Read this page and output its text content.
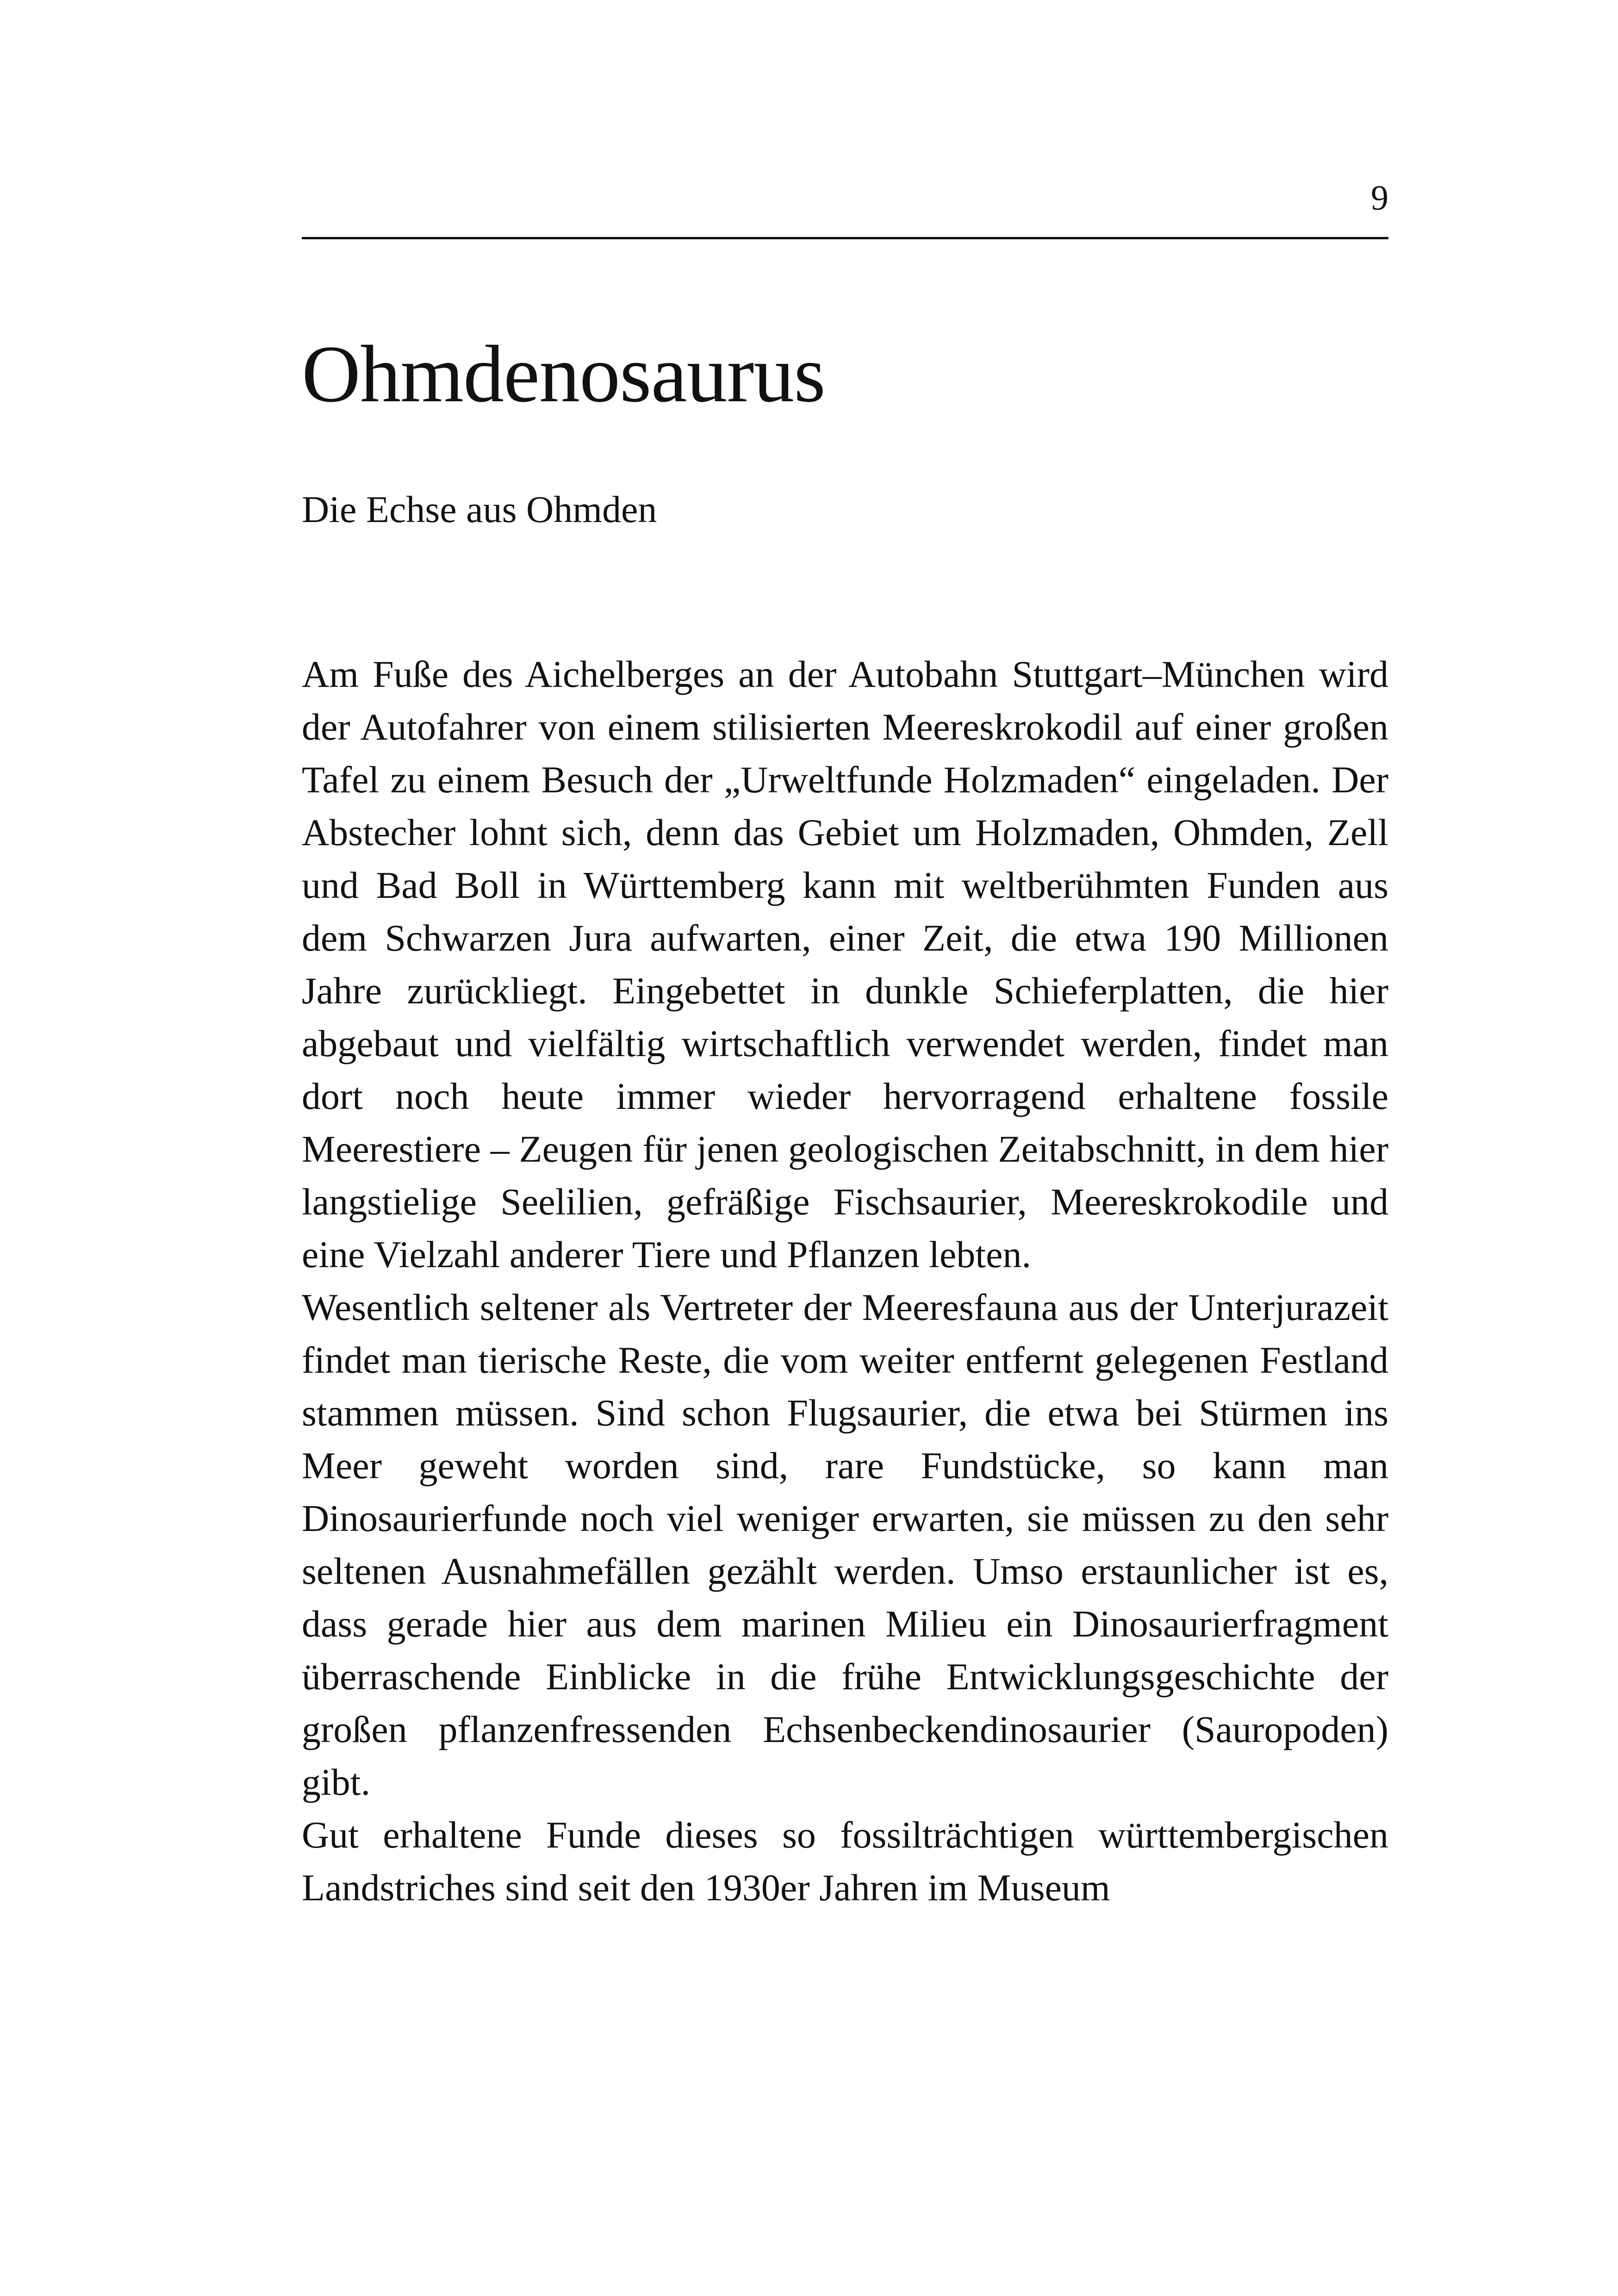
9
Ohmdenosaurus

Die Echse aus Ohmden

Am Fuße des Aichelberges an der Autobahn Stuttgart–München wird der Autofahrer von einem stilisierten Meereskrokodil auf einer großen Tafel zu einem Besuch der „Urweltfunde Holzmaden“ eingeladen. Der Abstecher lohnt sich, denn das Gebiet um Holzmaden, Ohmden, Zell und Bad Boll in Württemberg kann mit weltberühmten Funden aus dem Schwarzen Jura aufwarten, einer Zeit, die etwa 190 Millionen Jahre zurückliegt. Eingebettet in dunkle Schieferplatten, die hier abgebaut und vielfältig wirtschaftlich verwendet werden, findet man dort noch heute immer wieder hervorragend erhaltene fossile Meerestiere – Zeugen für jenen geologischen Zeitabschnitt, in dem hier langstielige Seelilien, gefräßige Fischsaurier, Meereskrokodile und eine Vielzahl anderer Tiere und Pflanzen lebten.

Wesentlich seltener als Vertreter der Meeresfauna aus der Unterjurazeit findet man tierische Reste, die vom weiter entfernt gelegenen Festland stammen müssen. Sind schon Flugsaurier, die etwa bei Stürmen ins Meer geweht worden sind, rare Fundstücke, so kann man Dinosaurierfunde noch viel weniger erwarten, sie müssen zu den sehr seltenen Ausnahmefällen gezählt werden. Umso erstaunlicher ist es, dass gerade hier aus dem marinen Milieu ein Dinosaurierfragment überraschende Einblicke in die frühe Entwicklungsgeschichte der großen pflanzenfressenden Echsenbeckendinosaurier (Sauropoden) gibt.

Gut erhaltene Funde dieses so fossilträchtigen württembergischen Landstriches sind seit den 1930er Jahren im Museum
